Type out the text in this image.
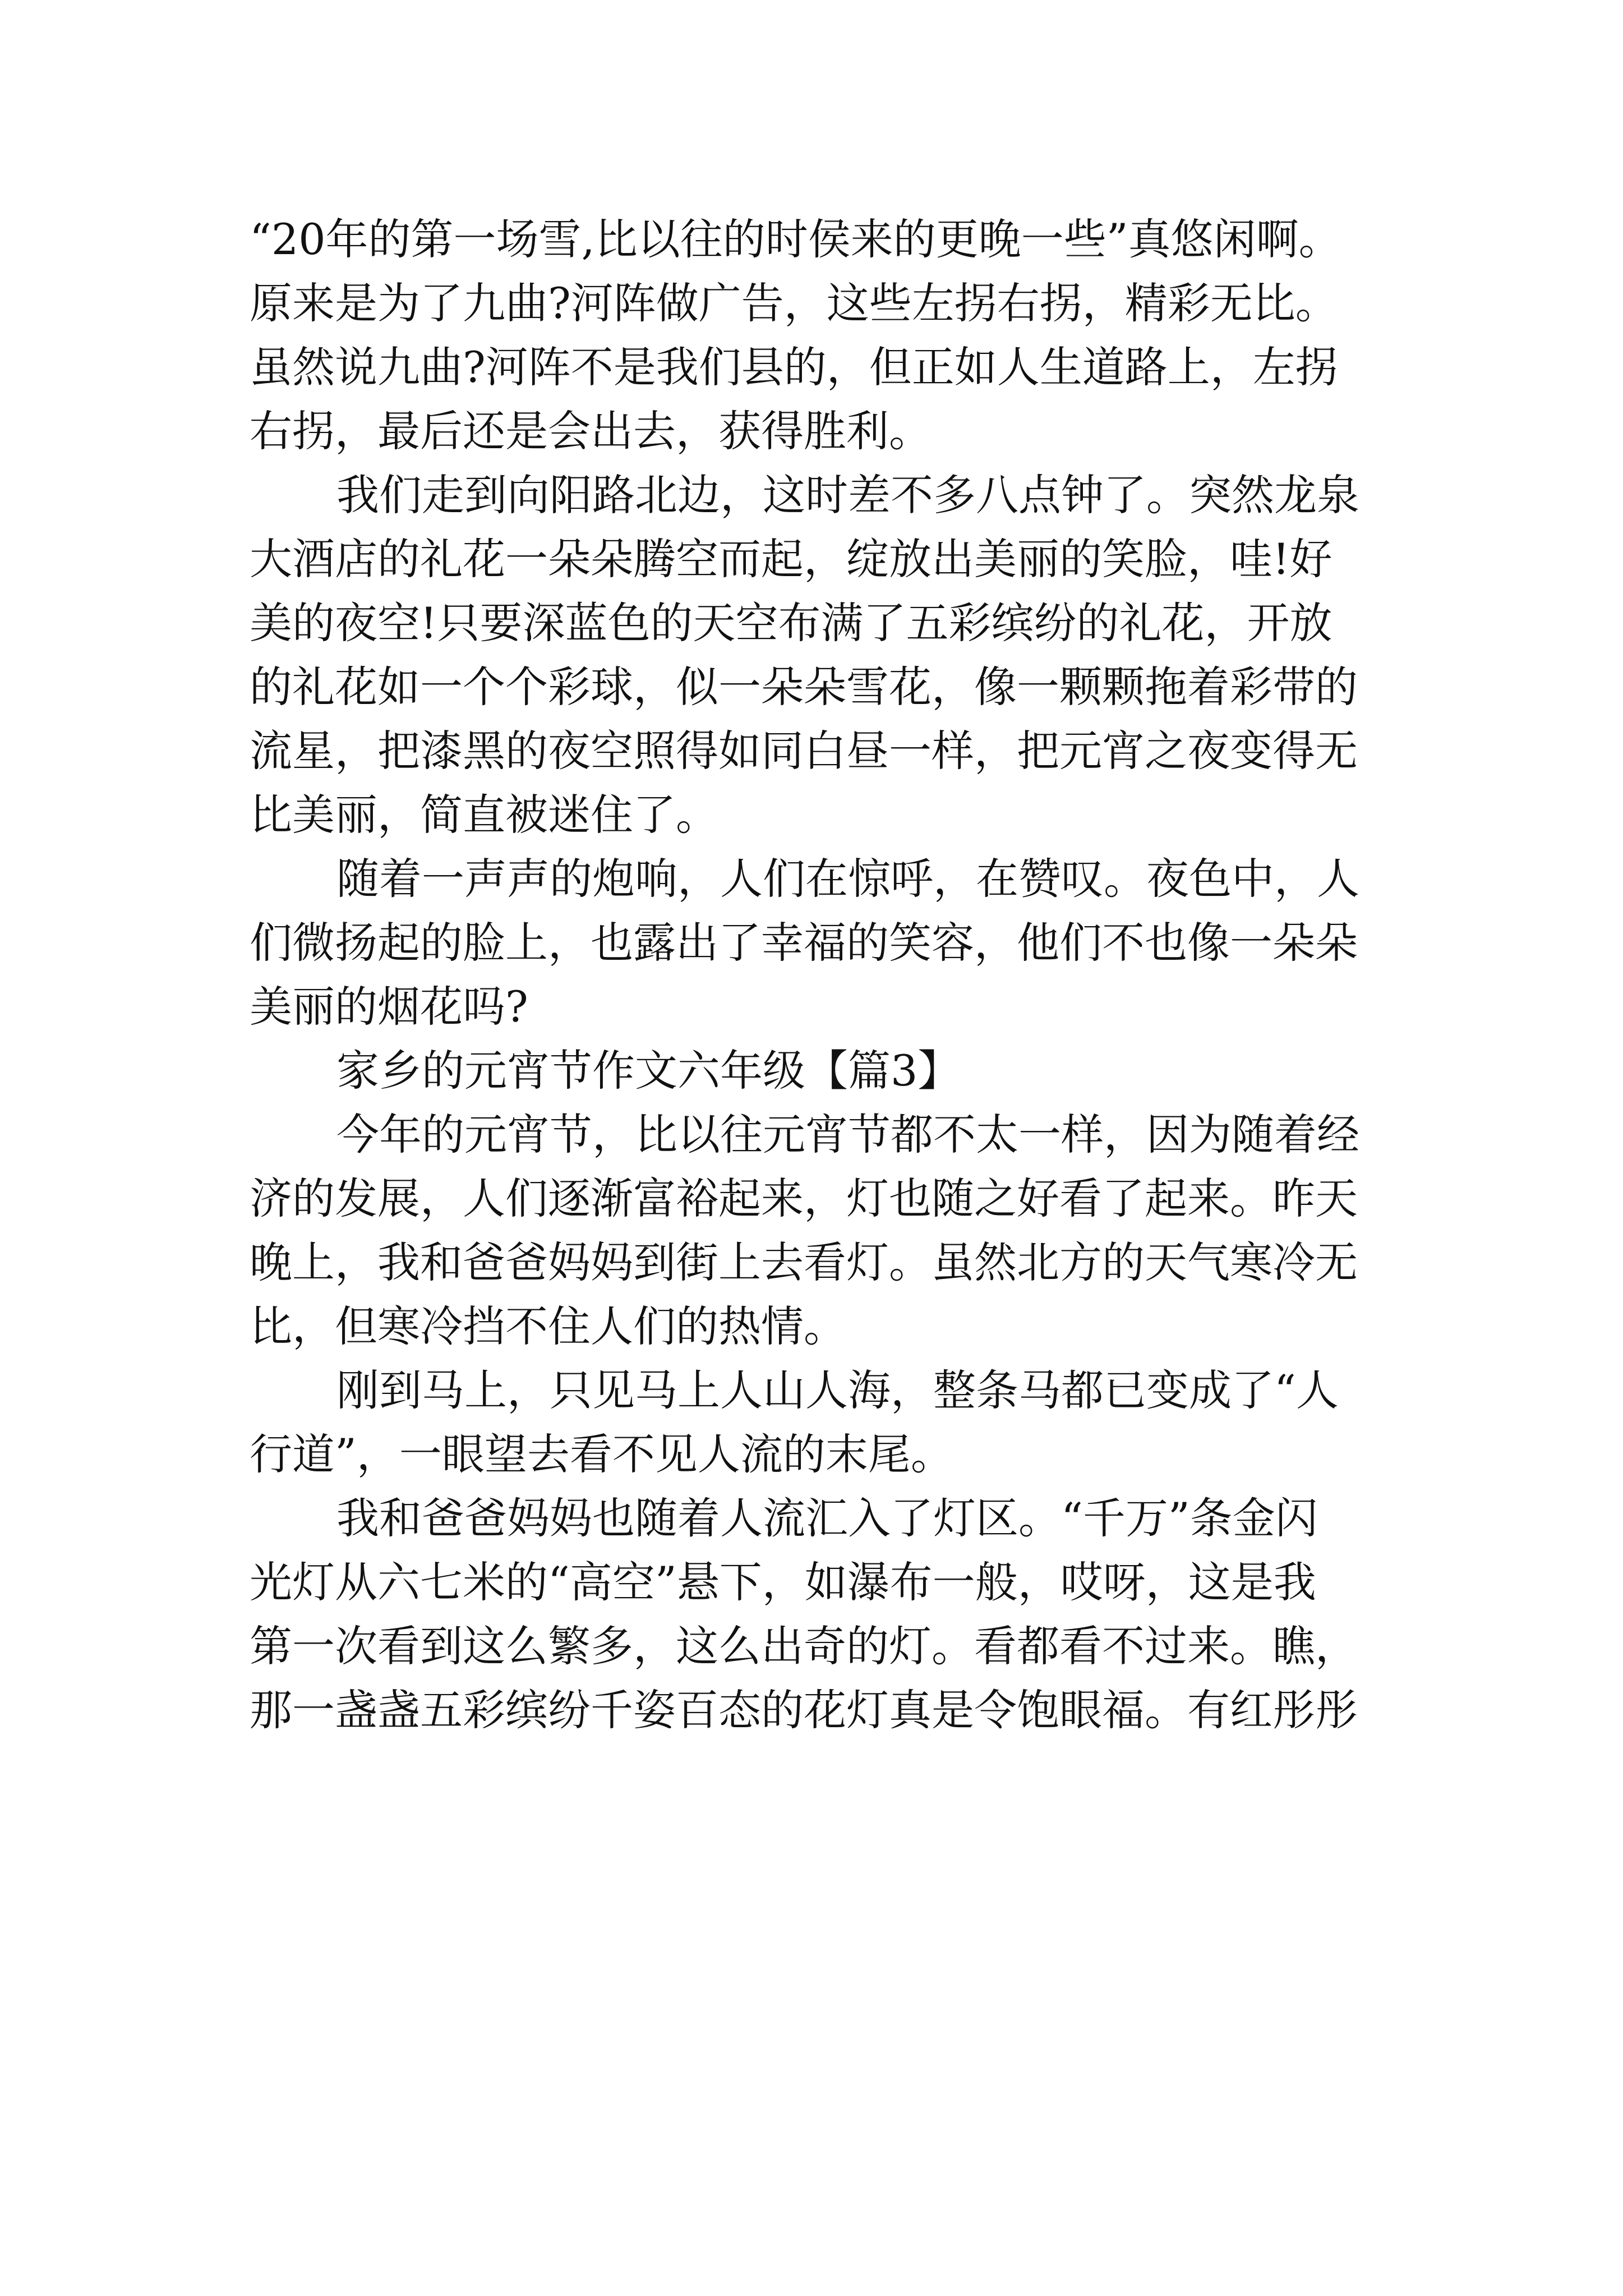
“20年的第一场雪,比以往的时侯来的更晚一些”真悠闲啊。
原来是为了九曲?河阵做广告，这些左拐右拐，精彩无比。
虽然说九曲?河阵不是我们县的，但正如人生道路上，左拐
右拐，最后还是会出去，获得胜利。
我们走到向阳路北边，这时差不多八点钟了。突然龙泉
大酒店的礼花一朵朵腾空而起，绽放出美丽的笑脸，哇!好
美的夜空!只要深蓝色的天空布满了五彩缤纷的礼花，开放
的礼花如一个个彩球，似一朵朵雪花，像一颗颗拖着彩带的
流星，把漆黑的夜空照得如同白昼一样，把元宵之夜变得无
比美丽，简直被迷住了。
随着一声声的炮响，人们在惊呼，在赞叹。夜色中，人
们微扬起的脸上，也露出了幸福的笑容，他们不也像一朵朵
美丽的烟花吗?
家乡的元宵节作文六年级【篇3】
今年的元宵节，比以往元宵节都不太一样，因为随着经
济的发展，人们逐渐富裕起来，灯也随之好看了起来。昨天
晚上，我和爸爸妈妈到街上去看灯。虽然北方的天气寒冷无
比，但寒冷挡不住人们的热情。
刚到马上，只见马上人山人海，整条马都已变成了“人
行道”，一眼望去看不见人流的末尾。
我和爸爸妈妈也随着人流汇入了灯区。“千万”条金闪
光灯从六七米的“高空”悬下，如瀑布一般，哎呀，这是我
第一次看到这么繁多，这么出奇的灯。看都看不过来。瞧，
那一盏盏五彩缤纷千姿百态的花灯真是令饱眼福。有红彤彤
